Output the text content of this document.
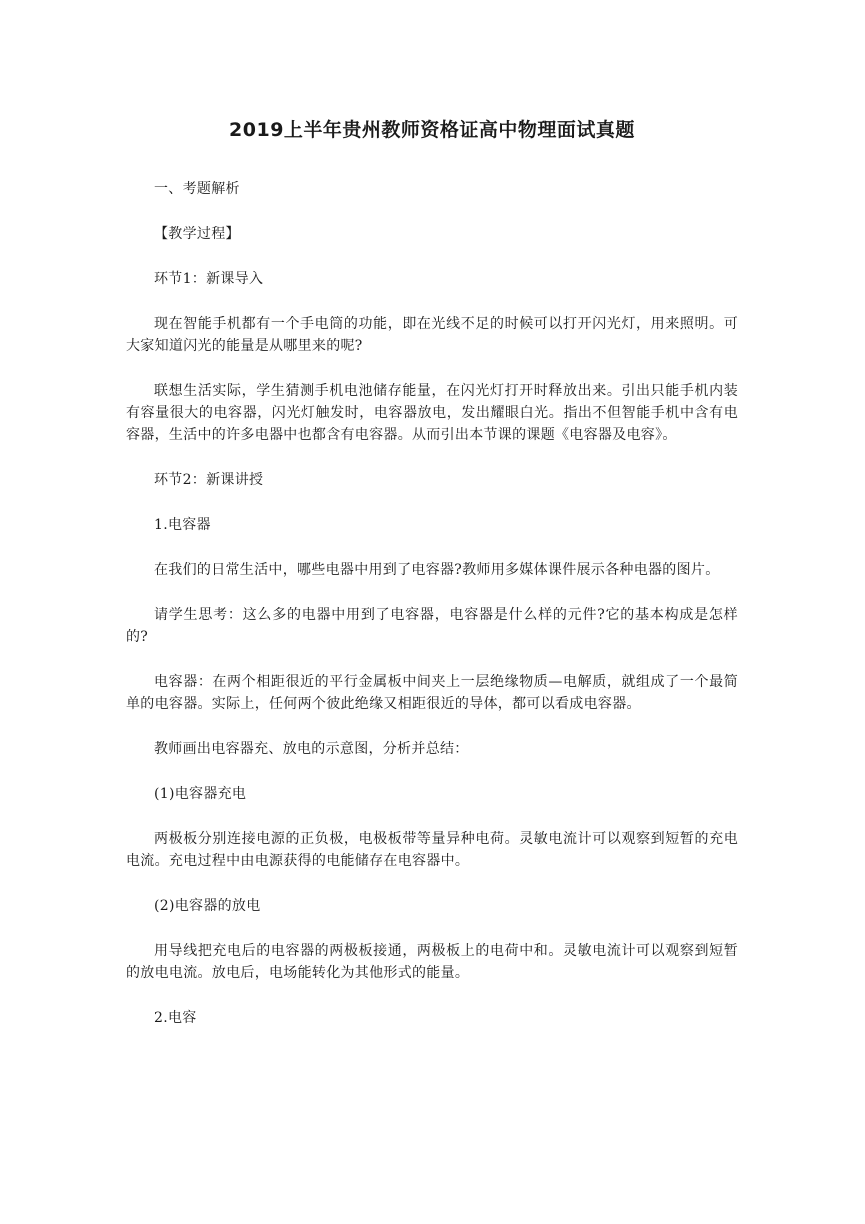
2019上半年贵州教师资格证高中物理面试真题

一、考题解析

【教学过程】

环节1：新课导入

现在智能手机都有一个手电筒的功能，即在光线不足的时候可以打开闪光灯，用来照明。可大家知道闪光的能量是从哪里来的呢?

联想生活实际，学生猜测手机电池储存能量，在闪光灯打开时释放出来。引出只能手机内装有容量很大的电容器，闪光灯触发时，电容器放电，发出耀眼白光。指出不但智能手机中含有电容器，生活中的许多电器中也都含有电容器。从而引出本节课的课题《电容器及电容》。

环节2：新课讲授

1.电容器

在我们的日常生活中，哪些电器中用到了电容器?教师用多媒体课件展示各种电器的图片。

请学生思考：这么多的电器中用到了电容器，电容器是什么样的元件?它的基本构成是怎样的?

电容器：在两个相距很近的平行金属板中间夹上一层绝缘物质—电解质，就组成了一个最简单的电容器。实际上，任何两个彼此绝缘又相距很近的导体，都可以看成电容器。

教师画出电容器充、放电的示意图，分析并总结：

(1)电容器充电

两极板分别连接电源的正负极，电极板带等量异种电荷。灵敏电流计可以观察到短暂的充电电流。充电过程中由电源获得的电能储存在电容器中。

(2)电容器的放电

用导线把充电后的电容器的两极板接通，两极板上的电荷中和。灵敏电流计可以观察到短暂的放电电流。放电后，电场能转化为其他形式的能量。

2.电容
